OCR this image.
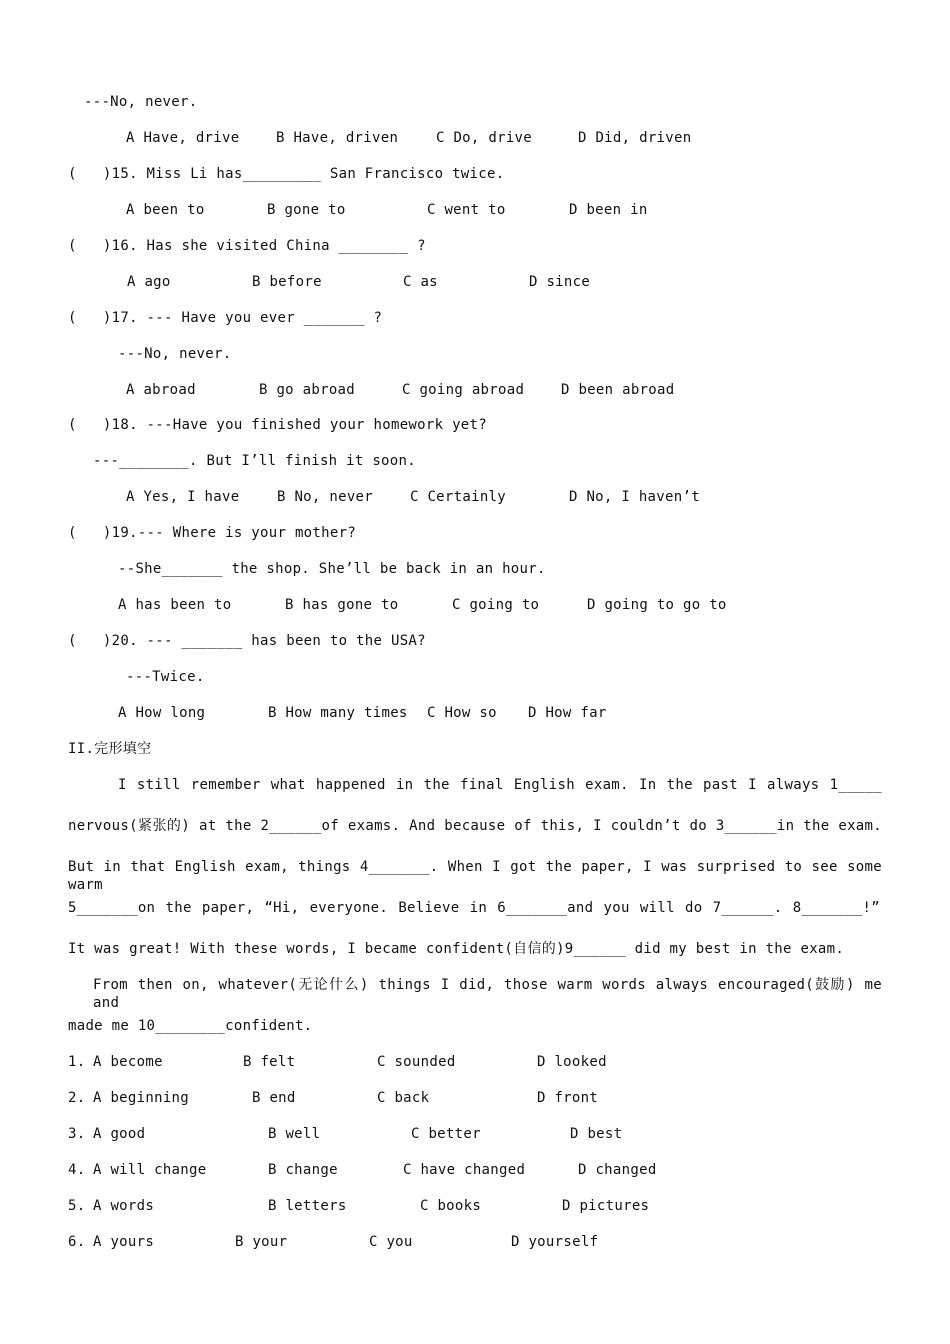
---No, never.
A Have, drive	B Have, driven	C Do, drive	D Did, driven
(   )15. Miss Li has_________ San Francisco twice.
A been to	B gone to	C went to	D been in
(   )16. Has she visited China ________ ?
A ago	B before	C as	D since
(   )17. --- Have you ever _______ ?
---No, never.
A abroad	B go abroad	C going abroad	D been abroad
(   )18. ---Have you finished your homework yet?
---________. But I’ll finish it soon.
A Yes, I have	B No, never	C Certainly	D No, I haven’t
(   )19.--- Where is your mother?
--She_______ the shop. She’ll be back in an hour.
A has been to	B has gone to	C going to	D going to go to
(   )20. --- _______ has been to the USA?
---Twice.
A How long	B How many times C How so D How far
II.完形填空
I still remember what happened in the final English exam. In the past I always 1_____
nervous(紧张的) at the 2______of exams. And because of this, I couldn’t do 3______in the exam.
But in that English exam, things 4_______. When I got the paper, I was surprised to see some warm
5_______on the paper, “Hi, everyone. Believe in 6_______and you will do 7______. 8_______!”
It was great! With these words, I became confident(自信的)9______ did my best in the exam.
From then on, whatever(无论什么) things I did, those warm words always encouraged(鼓励) me and
made me 10________confident.
1. A become	B felt	C sounded	D looked
2. A beginning	B end	C back	D front
3. A good	B well	C better	D best
4. A will change	B change	C have changed	D changed
5. A words	B letters	C books	D pictures
6. A yours	B your	C you	D yourself
